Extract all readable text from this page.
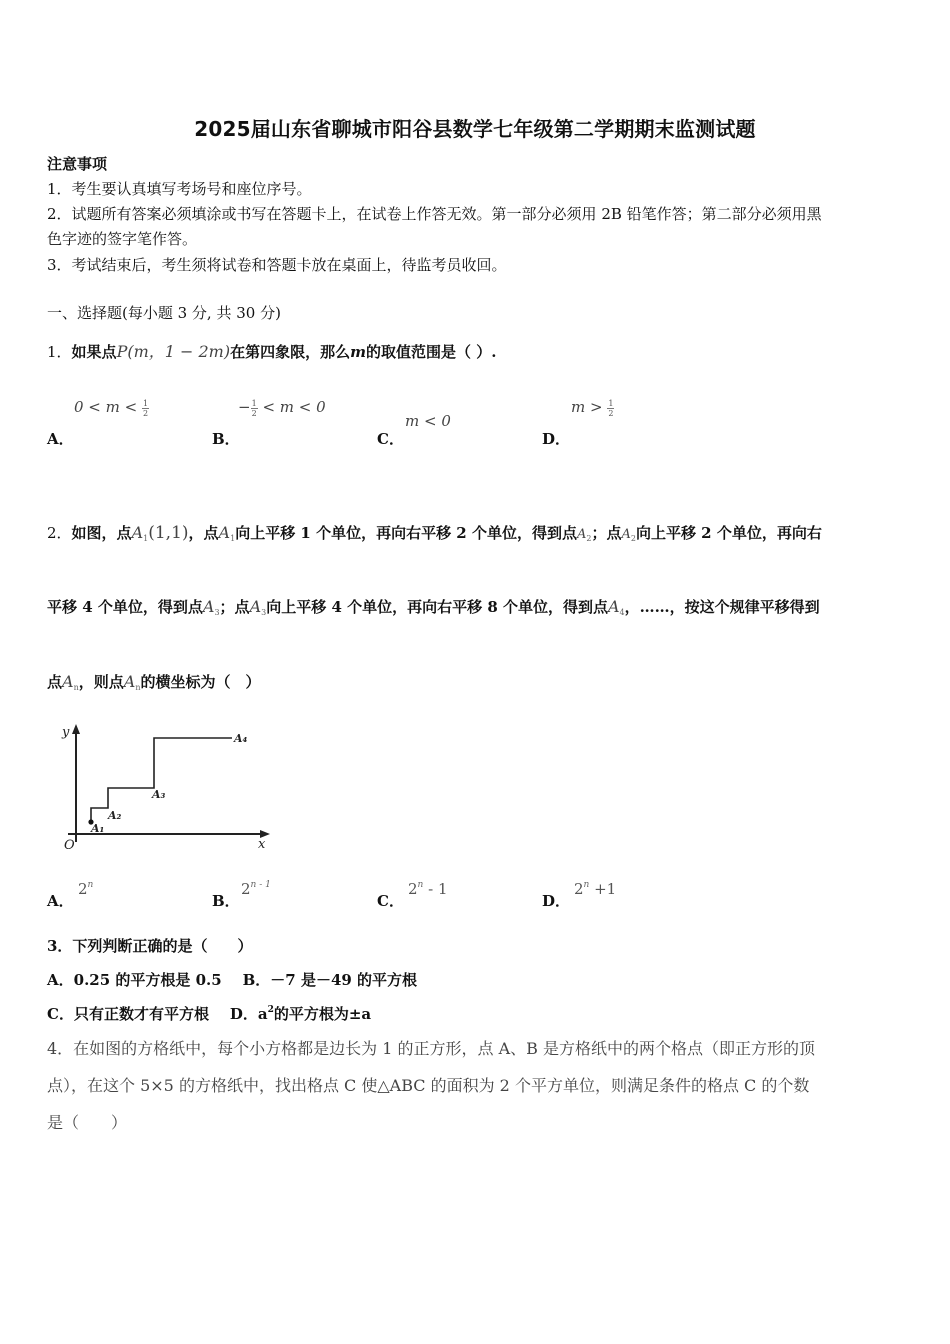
2025届山东省聊城市阳谷县数学七年级第二学期期末监测试题
注意事项
1．考生要认真填写考场号和座位序号。
2．试题所有答案必须填涂或书写在答题卡上，在试卷上作答无效。第一部分必须用 2B 铅笔作答；第二部分必须用黑
色字迹的签字笔作答。
3．考试结束后，考生须将试卷和答题卡放在桌面上，待监考员收回。
一、选择题(每小题 3 分, 共 30 分)
1．如果点P(m，1 − 2m)在第四象限，那么m的取值范围是（ ）.
A．
$0 < m < \frac{1}{2}$
B．
− $\frac{1}{2} < m < 0$
C．
m < 0
D．
$m > \frac{1}{2}$
2．如图，点$A_1(1,1)$，点$A_1$向上平移 1 个单位，再向右平移 2 个单位，得到点$A_2$；点$A_2$向上平移 2 个单位，再向右
平移 4 个单位，得到点$A_3$；点$A_3$向上平移 4 个单位，再向右平移 8 个单位，得到点$A_4$，……，按这个规律平移得到
点$A_n$，则点$A_n$的横坐标为（　）
y
x
O
A₁
A₂
A₃
A₄
A．
2$^n$
B．
2$^{n - 1}$
C．
2$^n$ - 1
D．
$2^n +1$
3．下列判断正确的是（　　）
A．0.25 的平方根是 0.5 B．－7 是－49 的平方根
C．只有正数才有平方根 D．$a^2$的平方根为±a
4．在如图的方格纸中，每个小方格都是边长为 1 的正方形，点 A、B 是方格纸中的两个格点（即正方形的顶
点），在这个 5×5 的方格纸中，找出格点 C 使△ABC 的面积为 2 个平方单位，则满足条件的格点 C 的个数
是（　　）
